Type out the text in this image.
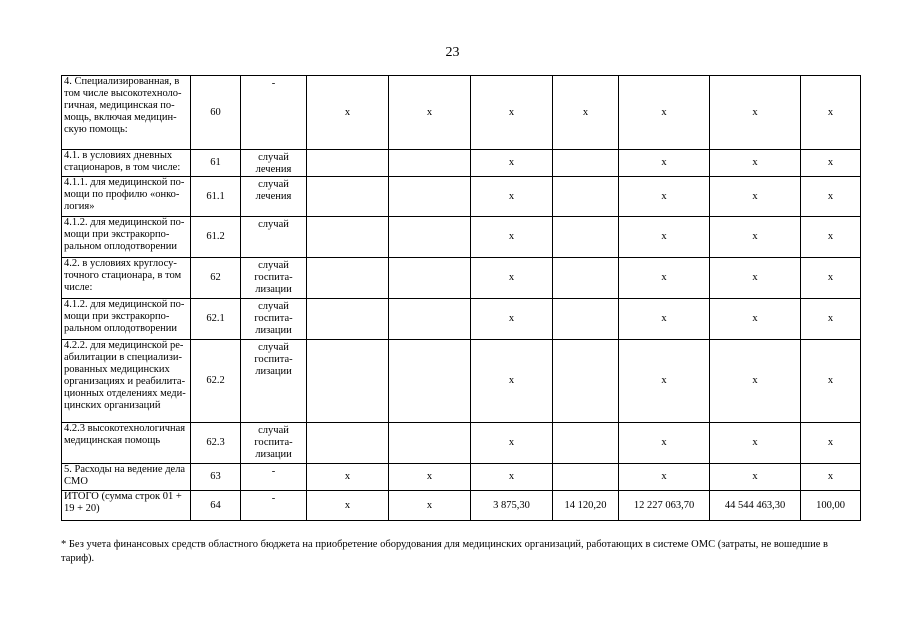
23
4. Специализированная, в том числе высокотехноло-гичная, медицинская по-мощь, включая медицин-скую помощь:	60	-	x	x	x	x	x	x	x
4.1. в условиях дневных стационаров, в том числе:	61	случай лечения			x		x	x	x
4.1.1. для медицинской по-мощи по профилю «онко-логия»	61.1	случай лечения			x		x	x	x
4.1.2. для медицинской по-мощи при экстракорпо-ральном оплодотворении	61.2	случай			x		x	x	x
4.2. в условиях круглосу-точного стационара, в том числе:	62	случай госпита-лизации			x		x	x	x
4.1.2. для медицинской по-мощи при экстракорпо-ральном оплодотворении	62.1	случай госпита-лизации			x		x	x	x
4.2.2. для медицинской ре-абилитации в специализи-рованных медицинских организациях и реабилита-ционных отделениях меди-цинских организаций	62.2	случай госпита-лизации			x		x	x	x
4.2.3 высокотехнологичная медицинская помощь	62.3	случай госпита-лизации			x		x	x	x
5. Расходы на ведение дела СМО	63	-	x	x	x		x	x	x
ИТОГО (сумма строк 01 + 19 + 20)	64	-	x	x	3 875,30	14 120,20	12 227 063,70	44 544 463,30	100,00
* Без учета финансовых средств областного бюджета на приобретение оборудования для медицинских организаций, работающих в системе ОМС (затраты, не вошедшие в тариф).
